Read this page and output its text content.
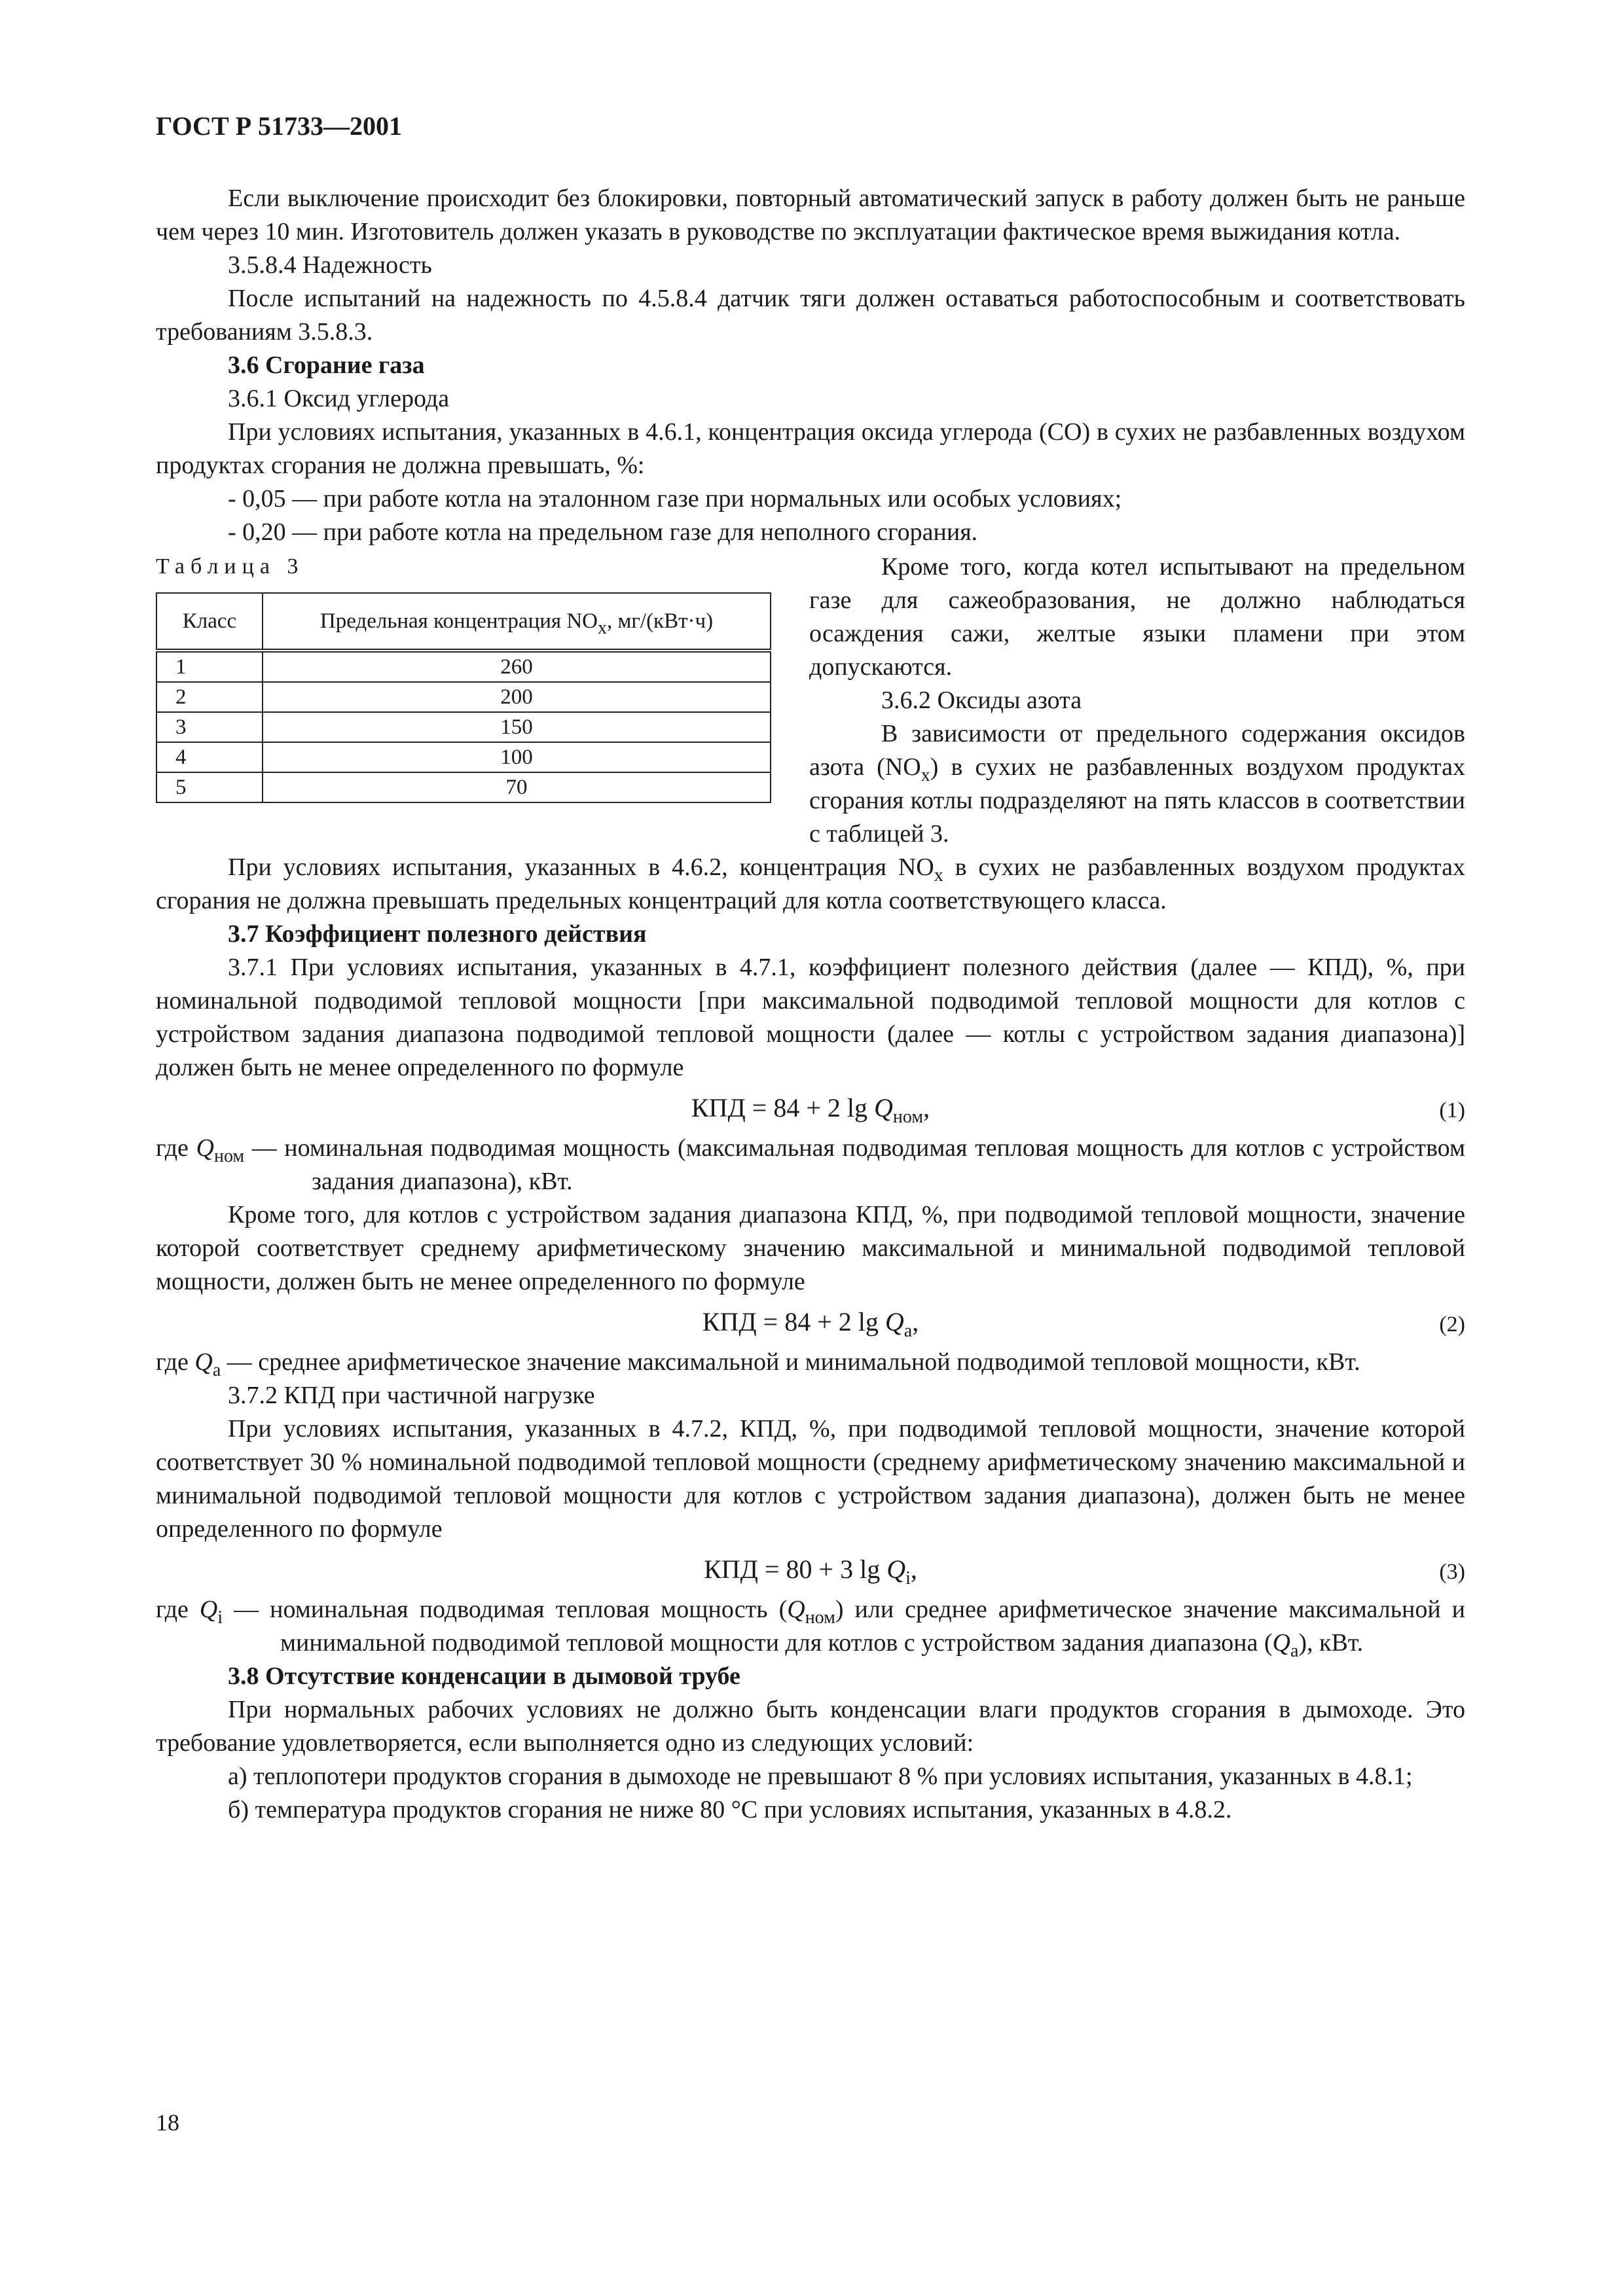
ГОСТ Р 51733—2001

Если выключение происходит без блокировки, повторный автоматический запуск в работу должен быть не раньше чем через 10 мин. Изготовитель должен указать в руководстве по эксплуатации фактическое время выжидания котла.

3.5.8.4 Надежность

После испытаний на надежность по 4.5.8.4 датчик тяги должен оставаться работоспособным и соответствовать требованиям 3.5.8.3.

3.6 Сгорание газа

3.6.1 Оксид углерода

При условиях испытания, указанных в 4.6.1, концентрация оксида углерода (CO) в сухих не разбавленных воздухом продуктах сгорания не должна превышать, %:

- 0,05 — при работе котла на эталонном газе при нормальных или особых условиях;

- 0,20 — при работе котла на предельном газе для неполного сгорания.

Таблица 3

Класс	Предельная концентрация $NO_x$, мг/(кВт·ч)
1	260
2	200
3	150
4	100
5	70

Кроме того, когда котел испытывают на предельном газе для сажеобразования, не должно наблюдаться осаждения сажи, желтые языки пламени при этом допускаются.

3.6.2 Оксиды азота

В зависимости от предельного содержания оксидов азота $(NO_x)$ в сухих не разбавленных воздухом продуктах сгорания котлы подразделяют на пять классов в соответствии с таблицей 3.

При условиях испытания, указанных в 4.6.2, концентрация $NO_x$ в сухих не разбавленных воздухом продуктах сгорания не должна превышать предельных концентраций для котла соответствующего класса.

3.7 Коэффициент полезного действия

3.7.1 При условиях испытания, указанных в 4.7.1, коэффициент полезного действия (далее — КПД), %, при номинальной подводимой тепловой мощности [при максимальной подводимой тепловой мощности для котлов с устройством задания диапазона подводимой тепловой мощности (далее — котлы с устройством задания диапазона)] должен быть не менее определенного по формуле

КПД = 84 + 2 $\lg Q_{ном}$,	(1)

где $Q_{ном}$ — номинальная подводимая мощность (максимальная подводимая тепловая мощность для котлов с устройством задания диапазона), кВт.

Кроме того, для котлов с устройством задания диапазона КПД, %, при подводимой тепловой мощности, значение которой соответствует среднему арифметическому значению максимальной и минимальной подводимой тепловой мощности, должен быть не менее определенного по формуле

КПД = 84 + 2 $\lg Q_а$,	(2)

где $Q_а$ — среднее арифметическое значение максимальной и минимальной подводимой тепловой мощности, кВт.

3.7.2 КПД при частичной нагрузке

При условиях испытания, указанных в 4.7.2, КПД, %, при подводимой тепловой мощности, значение которой соответствует 30 % номинальной подводимой тепловой мощности (среднему арифметическому значению максимальной и минимальной подводимой тепловой мощности для котлов с устройством задания диапазона), должен быть не менее определенного по формуле

КПД = 80 + 3 $\lg Q_i$,	(3)

где $Q_i$ — номинальная подводимая тепловая мощность $(Q_{ном})$ или среднее арифметическое значение максимальной и минимальной подводимой тепловой мощности для котлов с устройством задания диапазона $(Q_а)$, кВт.

3.8 Отсутствие конденсации в дымовой трубе

При нормальных рабочих условиях не должно быть конденсации влаги продуктов сгорания в дымоходе. Это требование удовлетворяется, если выполняется одно из следующих условий:

а) теплопотери продуктов сгорания в дымоходе не превышают 8 % при условиях испытания, указанных в 4.8.1;

б) температура продуктов сгорания не ниже 80 °C при условиях испытания, указанных в 4.8.2.

18
